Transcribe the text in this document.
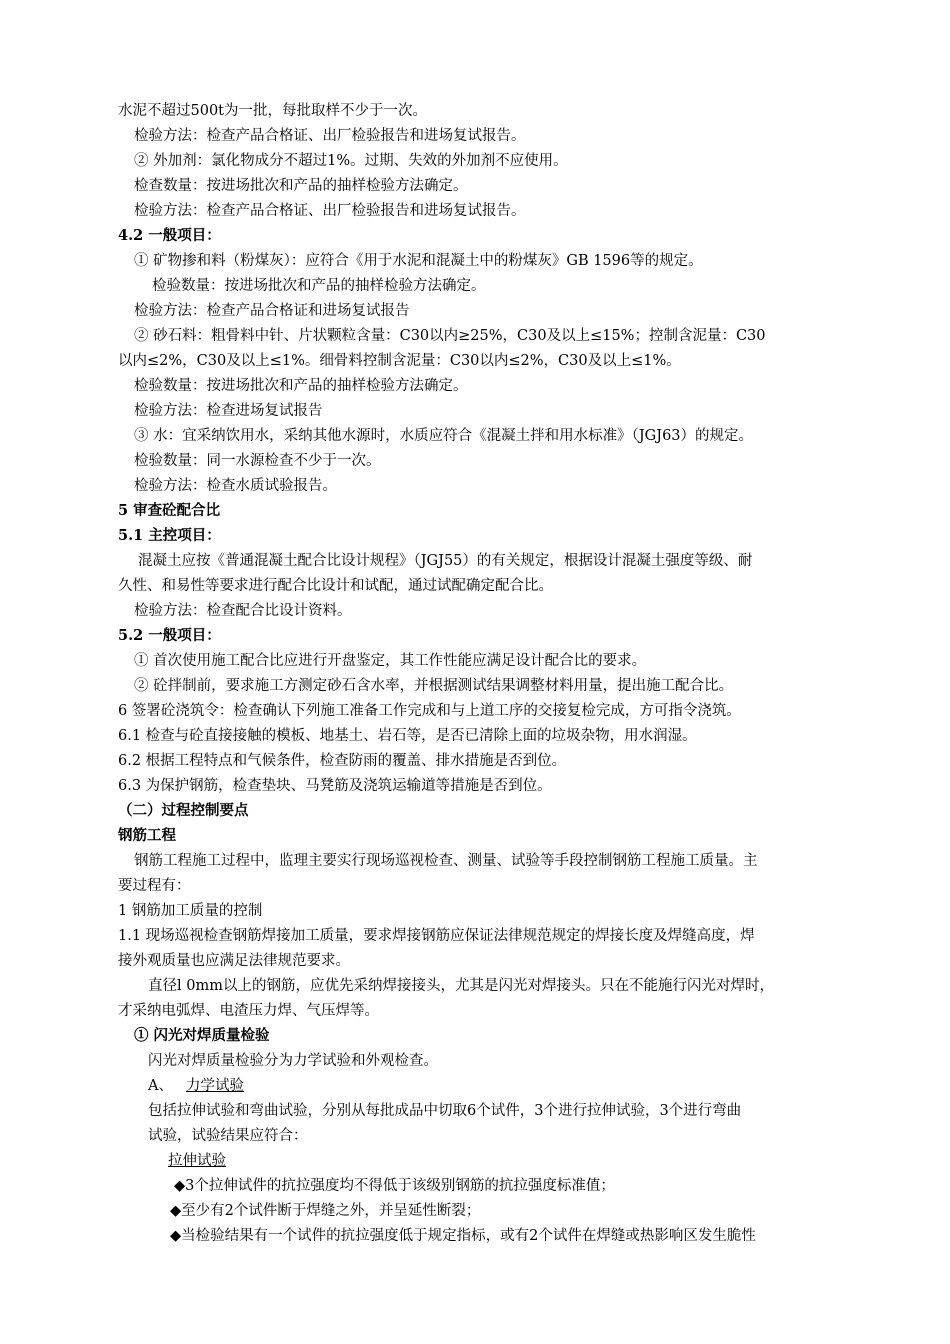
水泥不超过500t为一批，每批取样不少于一次。
检验方法：检查产品合格证、出厂检验报告和进场复试报告。
② 外加剂：氯化物成分不超过1%。过期、失效的外加剂不应使用。
检查数量：按进场批次和产品的抽样检验方法确定。
检验方法：检查产品合格证、出厂检验报告和进场复试报告。
4.2 一般项目：
① 矿物掺和料（粉煤灰）：应符合《用于水泥和混凝土中的粉煤灰》GB 1596等的规定。
检验数量：按进场批次和产品的抽样检验方法确定。
检验方法：检查产品合格证和进场复试报告
② 砂石料：粗骨料中针、片状颗粒含量：C30以内≥25%，C30及以上≤15%；控制含泥量：C30
以内≤2%，C30及以上≤1%。细骨料控制含泥量：C30以内≤2%，C30及以上≤1%。
检验数量：按进场批次和产品的抽样检验方法确定。
检验方法：检查进场复试报告
③ 水：宜采纳饮用水，采纳其他水源时，水质应符合《混凝土拌和用水标准》（JGJ63）的规定。
检验数量：同一水源检查不少于一次。
检验方法：检查水质试验报告。
5 审查砼配合比
5.1 主控项目：
混凝土应按《普通混凝土配合比设计规程》（JGJ55）的有关规定，根据设计混凝土强度等级、耐
久性、和易性等要求进行配合比设计和试配，通过试配确定配合比。
检验方法：检查配合比设计资料。
5.2 一般项目：
① 首次使用施工配合比应进行开盘鉴定，其工作性能应满足设计配合比的要求。
② 砼拌制前，要求施工方测定砂石含水率，并根据测试结果调整材料用量，提出施工配合比。
6 签署砼浇筑令：检查确认下列施工准备工作完成和与上道工序的交接复检完成，方可指令浇筑。
6.1 检查与砼直接接触的模板、地基土、岩石等，是否已清除上面的垃圾杂物，用水润湿。
6.2 根据工程特点和气候条件，检查防雨的覆盖、排水措施是否到位。
6.3 为保护钢筋，检查垫块、马凳筋及浇筑运输道等措施是否到位。
（二）过程控制要点
钢筋工程
钢筋工程施工过程中，监理主要实行现场巡视检查、测量、试验等手段控制钢筋工程施工质量。主
要过程有：
1 钢筋加工质量的控制
1.1 现场巡视检查钢筋焊接加工质量，要求焊接钢筋应保证法律规范规定的焊接长度及焊缝高度，焊
接外观质量也应满足法律规范要求。
直径l 0mm以上的钢筋，应优先采纳焊接接头，尤其是闪光对焊接头。只在不能施行闪光对焊时，
才采纳电弧焊、电渣压力焊、气压焊等。
① 闪光对焊质量检验
闪光对焊质量检验分为力学试验和外观检查。
A、 力学试验
包括拉伸试验和弯曲试验，分别从每批成品中切取6个试件，3个进行拉伸试验，3个进行弯曲
试验，试验结果应符合：
拉伸试验
◆3个拉伸试件的抗拉强度均不得低于该级别钢筋的抗拉强度标准值；
◆至少有2个试件断于焊缝之外，并呈延性断裂；
◆当检验结果有一个试件的抗拉强度低于规定指标，或有2个试件在焊缝或热影响区发生脆性
